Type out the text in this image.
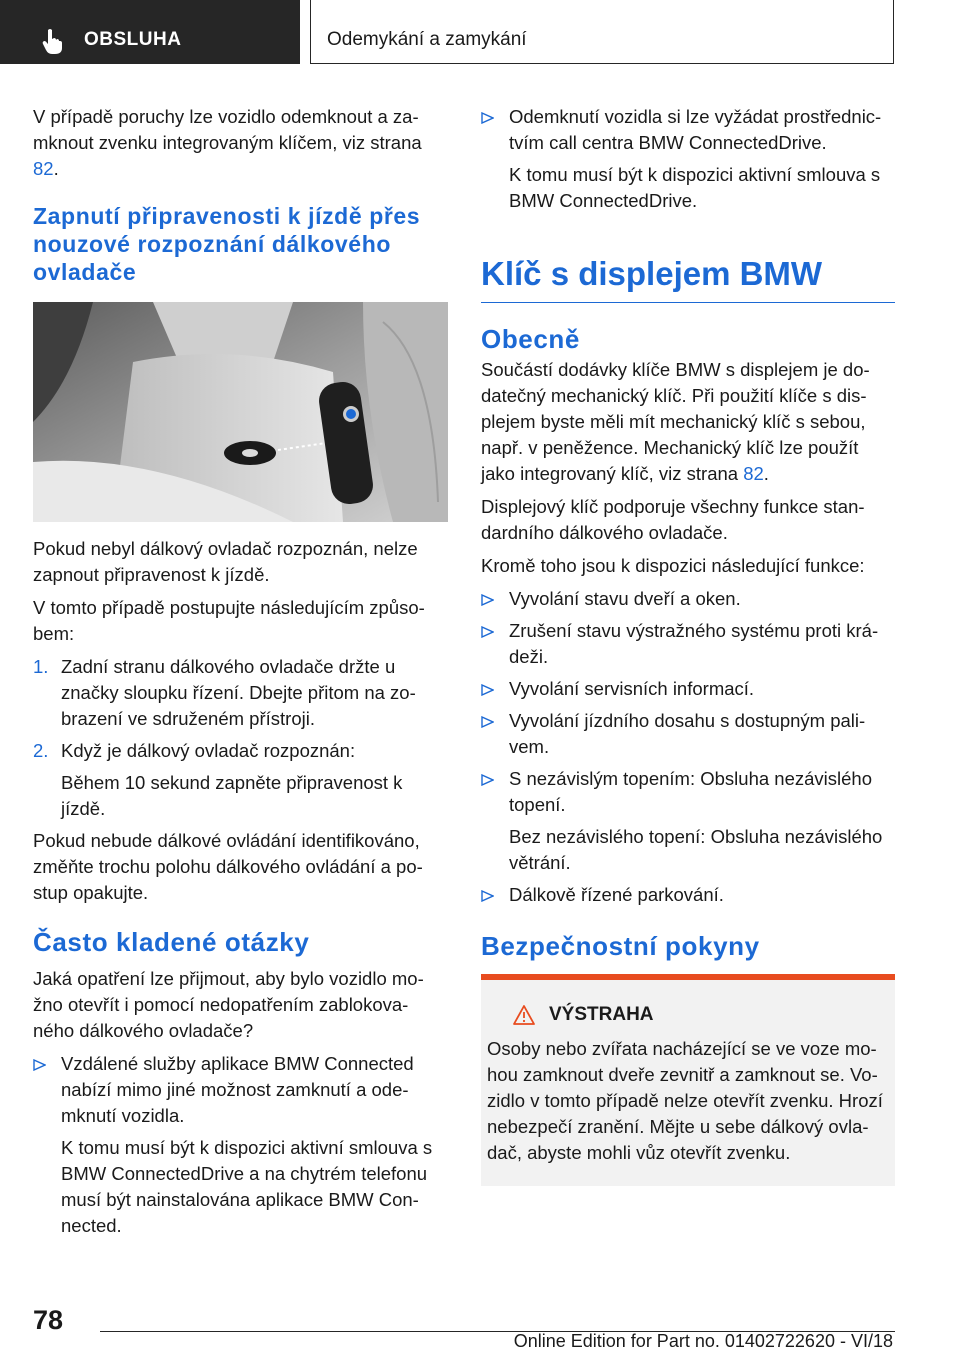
OBSLUHA	Odemykání a zamykání

V případě poruchy lze vozidlo odemknout a za-mknout zvenku integrovaným klíčem, viz strana 82.

Zapnutí připravenosti k jízdě přes nouzové rozpoznání dálkového ovladače

Pokud nebyl dálkový ovladač rozpoznán, nelze zapnout připravenost k jízdě.

V tomto případě postupujte následujícím způso-bem:

1. Zadní stranu dálkového ovladače držte u značky sloupku řízení. Dbejte přitom na zo-brazení ve sdruženém přístroji.
2. Když je dálkový ovladač rozpoznán:

Během 10 sekund zapněte připravenost k jízdě.

Pokud nebude dálkové ovládání identifikováno, změňte trochu polohu dálkového ovládání a po-stup opakujte.

Často kladené otázky

Jaká opatření lze přijmout, aby bylo vozidlo mo-žno otevřít i pomocí nedopatřením zablokova-ného dálkového ovladače?

Vzdálené služby aplikace BMW Connected nabízí mimo jiné možnost zamknutí a ode-mknutí vozidla.

K tomu musí být k dispozici aktivní smlouva s BMW ConnectedDrive a na chytrém telefonu musí být nainstalována aplikace BMW Con-nected.

Odemknutí vozidla si lze vyžádat prostřednic-tvím call centra BMW ConnectedDrive.

K tomu musí být k dispozici aktivní smlouva s BMW ConnectedDrive.

Klíč s displejem BMW
Obecně

Součástí dodávky klíče BMW s displejem je do-datečný mechanický klíč. Při použití klíče s dis-plejem byste měli mít mechanický klíč s sebou, např. v peněžence. Mechanický klíč lze použít jako integrovaný klíč, viz strana 82.

Displejový klíč podporuje všechny funkce stan-dardního dálkového ovladače.

Kromě toho jsou k dispozici následující funkce:

Vyvolání stavu dveří a oken.
Zrušení stavu výstražného systému proti krá-deži.
Vyvolání servisních informací.
Vyvolání jízdního dosahu s dostupným pali-vem.
S nezávislým topením: Obsluha nezávislého topení.

Bez nezávislého topení: Obsluha nezávislého větrání.

Dálkově řízené parkování.
Bezpečnostní pokyny
VÝSTRAHA

Osoby nebo zvířata nacházející se ve voze mo-hou zamknout dveře zevnitř a zamknout se. Vo-zidlo v tomto případě nelze otevřít zvenku. Hrozí nebezpečí zranění. Mějte u sebe dálkový ovla-dač, abyste mohli vůz otevřít zvenku.

78
Online Edition for Part no. 01402722620 - VI/18
